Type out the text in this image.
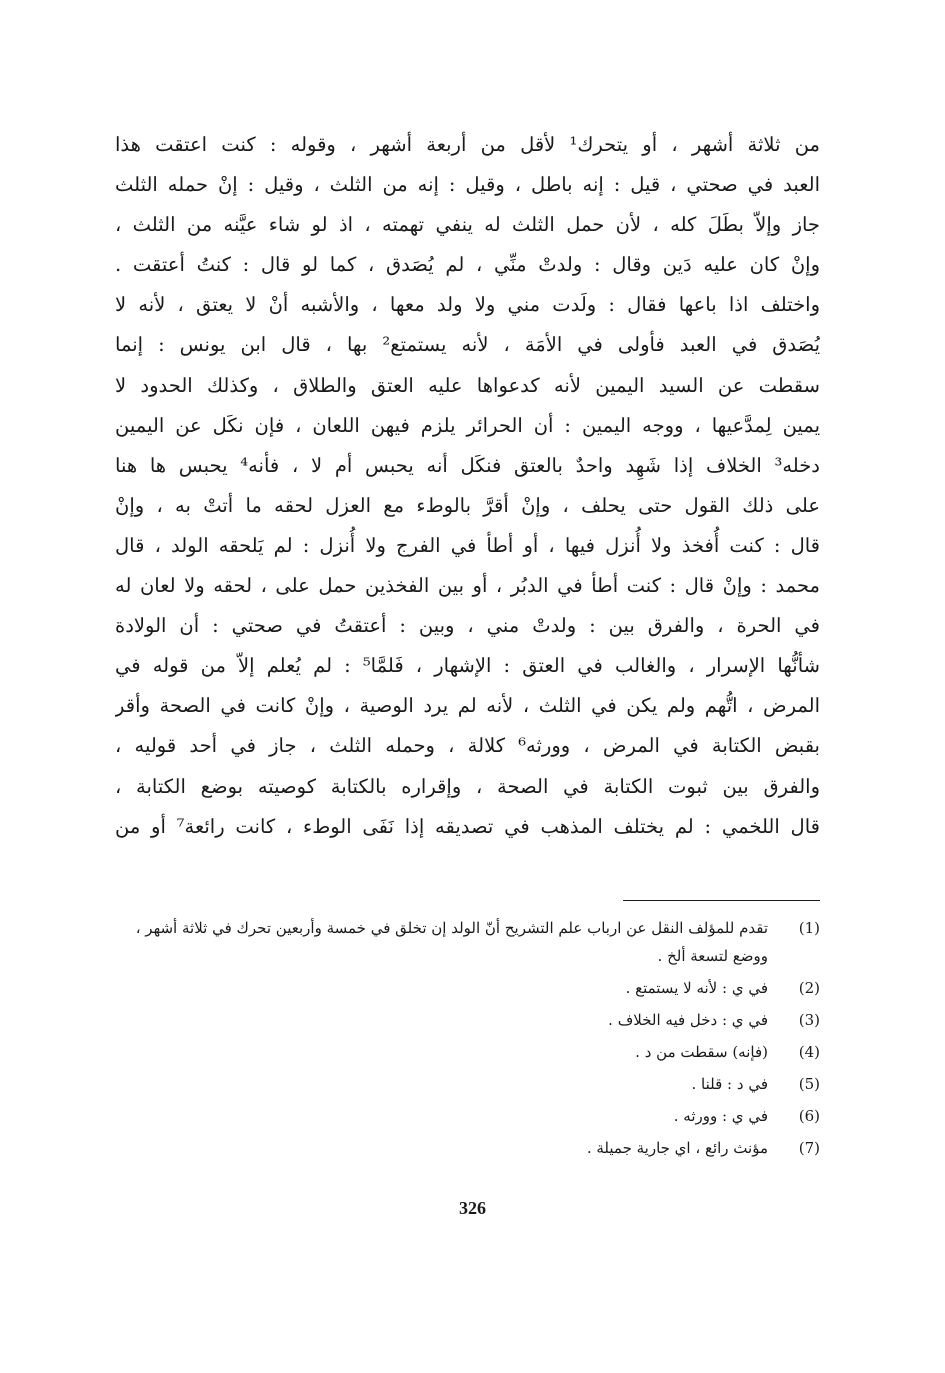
من ثلاثة أشهر ، أو يتحرك¹ لأقل من أربعة أشهر ، وقوله : كنت اعتقت هذا
العبد في صحتي ، قيل : إنه باطل ، وقيل : إنه من الثلث ، وقيل : إنْ حمله الثلث
جاز وإلاّ بطَلَ كله ، لأن حمل الثلث له ينفي تهمته ، اذ لو شاء عيَّنه من الثلث ،
وإنْ كان عليه دَين وقال : ولدتْ منِّي ، لم يُصَدق ، كما لو قال : كنتُ أعتقت .
واختلف اذا باعها فقال : ولَدت مني ولا ولد معها ، والأشبه أنْ لا يعتق ، لأنه لا
يُصَدق في العبد فأولى في الأمَة ، لأنه يستمتع² بها ، قال ابن يونس : إنما
سقطت عن السيد اليمين لأنه كدعواها عليه العتق والطلاق ، وكذلك الحدود لا
يمين لِمدَّعيها ، ووجه اليمين : أن الحرائر يلزم فيهن اللعان ، فإن نكَل عن اليمين
دخله³ الخلاف إذا شَهِد واحدٌ بالعتق فنكَل أنه يحبس أم لا ، فأنه⁴ يحبس ها هنا
على ذلك القول حتى يحلف ، وإنْ أقرَّ بالوطء مع العزل لحقه ما أتتْ به ، وإنْ
قال : كنت أُفخذ ولا أُنزل فيها ، أو أطأ في الفرج ولا أُنزل : لم يَلحقه الولد ، قال
محمد : وإنْ قال : كنت أطأ في الدبُر ، أو بين الفخذين حمل على ، لحقه ولا لعان له
في الحرة ، والفرق بين : ولدتْ مني ، وبين : أعتقتُ في صحتي : أن الولادة
شأنُّها الإسرار ، والغالب في العتق : الإشهار ، فَلمَّا⁵ : لم يُعلم إلاّ من قوله في
المرض ، اتُّهم ولم يكن في الثلث ، لأنه لم يرد الوصية ، وإنْ كانت في الصحة وأقر
بقبض الكتابة في المرض ، وورثه⁶ كلالة ، وحمله الثلث ، جاز في أحد قوليه ،
والفرق بين ثبوت الكتابة في الصحة ، وإقراره بالكتابة كوصيته بوضع الكتابة ،
قال اللخمي : لم يختلف المذهب في تصديقه إذا نَفَى الوطء ، كانت رائعة⁷ أو من
(1)
تقدم للمؤلف النقل عن ارباب علم التشريح أنّ الولد إن تخلق في خمسة وأربعين تحرك في ثلاثة أشهر ، ووضع لتسعة ألخ .
(2)
في ي : لأنه لا يستمتع .
(3)
في ي : دخل فيه الخلاف .
(4)
(فإنه) سقطت من د .
(5)
في د : قلنا .
(6)
في ي : وورثه .
(7)
مؤنث رائع ، اي جارية جميلة .
326
